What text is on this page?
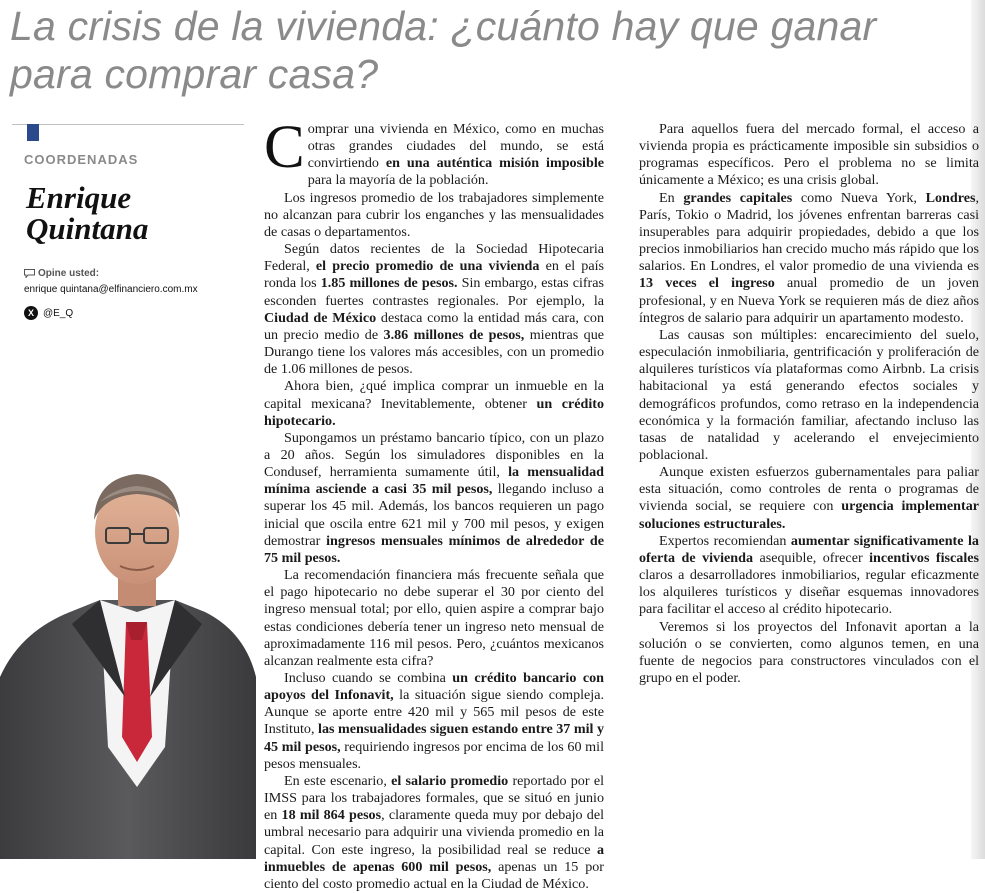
La crisis de la vivienda: ¿cuánto hay que ganar para comprar casa?

COORDENADAS

Enrique
Quintana

Opine usted:

enrique quintana@elfinanciero.com.mx

X @E_Q

Comprar una vivienda en México, como en muchas otras grandes ciudades del mundo, se está convirtiendo en una auténtica misión imposible para la mayoría de la población.

Los ingresos promedio de los trabajadores simplemente no alcanzan para cubrir los enganches y las mensualidades de casas o departamentos.

Según datos recientes de la Sociedad Hipotecaria Federal, el precio promedio de una vivienda en el país ronda los 1.85 millones de pesos. Sin embargo, estas cifras esconden fuertes contrastes regionales. Por ejemplo, la Ciudad de México destaca como la entidad más cara, con un precio medio de 3.86 millones de pesos, mientras que Durango tiene los valores más accesibles, con un promedio de 1.06 millones de pesos.

Ahora bien, ¿qué implica comprar un inmueble en la capital mexicana? Inevitablemente, obtener un crédito hipotecario.

Supongamos un préstamo bancario típico, con un plazo a 20 años. Según los simuladores disponibles en la Condusef, herramienta sumamente útil, la mensualidad mínima asciende a casi 35 mil pesos, llegando incluso a superar los 45 mil. Además, los bancos requieren un pago inicial que oscila entre 621 mil y 700 mil pesos, y exigen demostrar ingresos mensuales mínimos de alrededor de 75 mil pesos.

La recomendación financiera más frecuente señala que el pago hipotecario no debe superar el 30 por ciento del ingreso mensual total; por ello, quien aspire a comprar bajo estas condiciones debería tener un ingreso neto mensual de aproximadamente 116 mil pesos. Pero, ¿cuántos mexicanos alcanzan realmente esta cifra?

Incluso cuando se combina un crédito bancario con apoyos del Infonavit, la situación sigue siendo compleja. Aunque se aporte entre 420 mil y 565 mil pesos de este Instituto, las mensualidades siguen estando entre 37 mil y 45 mil pesos, requiriendo ingresos por encima de los 60 mil pesos mensuales.

En este escenario, el salario promedio reportado por el IMSS para los trabajadores formales, que se situó en junio en 18 mil 864 pesos, claramente queda muy por debajo del umbral necesario para adquirir una vivienda promedio en la capital. Con este ingreso, la posibilidad real se reduce a inmuebles de apenas 600 mil pesos, apenas un 15 por ciento del costo promedio actual en la Ciudad de México.

Para aquellos fuera del mercado formal, el acceso a vivienda propia es prácticamente imposible sin subsidios o programas específicos. Pero el problema no se limita únicamente a México; es una crisis global.

En grandes capitales como Nueva York, Londres, París, Tokio o Madrid, los jóvenes enfrentan barreras casi insuperables para adquirir propiedades, debido a que los precios inmobiliarios han crecido mucho más rápido que los salarios. En Londres, el valor promedio de una vivienda es 13 veces el ingreso anual promedio de un joven profesional, y en Nueva York se requieren más de diez años íntegros de salario para adquirir un apartamento modesto.

Las causas son múltiples: encarecimiento del suelo, especulación inmobiliaria, gentrificación y proliferación de alquileres turísticos vía plataformas como Airbnb. La crisis habitacional ya está generando efectos sociales y demográficos profundos, como retraso en la independencia económica y la formación familiar, afectando incluso las tasas de natalidad y acelerando el envejecimiento poblacional.

Aunque existen esfuerzos gubernamentales para paliar esta situación, como controles de renta o programas de vivienda social, se requiere con urgencia implementar soluciones estructurales.

Expertos recomiendan aumentar significativamente la oferta de vivienda asequible, ofrecer incentivos fiscales claros a desarrolladores inmobiliarios, regular eficazmente los alquileres turísticos y diseñar esquemas innovadores para facilitar el acceso al crédito hipotecario.

Veremos si los proyectos del Infonavit aportan a la solución o se convierten, como algunos temen, en una fuente de negocios para constructores vinculados con el grupo en el poder.
